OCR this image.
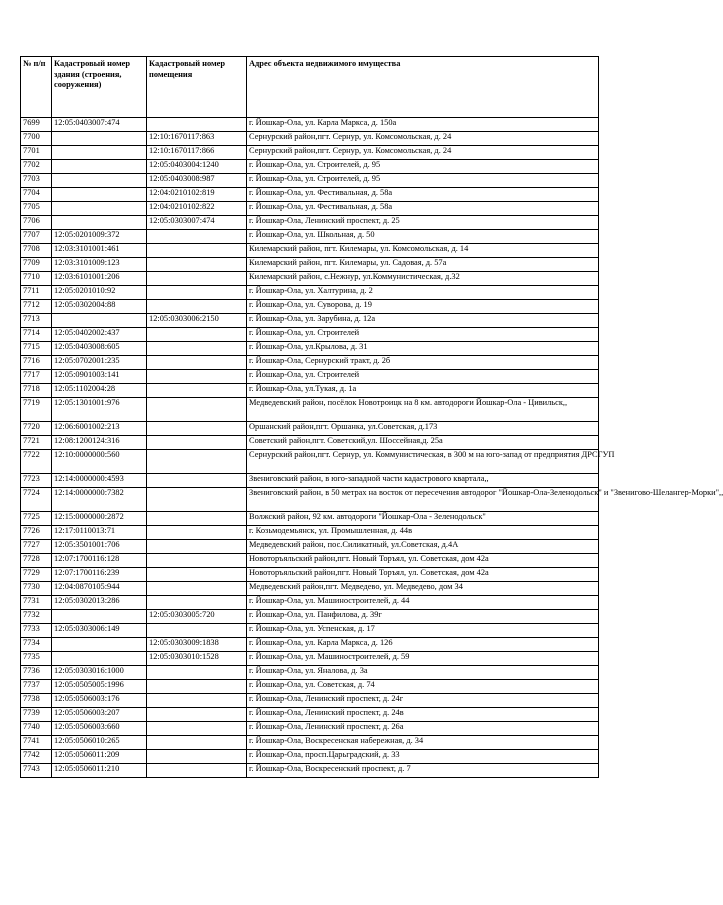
№ п/п	Кадастровый номер здания (строения, сооружения)	Кадастровый номер помещения	Адрес объекта недвижимого имущества
7699	12:05:0403007:474		г. Йошкар-Ола, ул. Карла Маркса, д. 150а
7700		12:10:1670117:863	Сернурский район,пгт. Сернур, ул. Комсомольская, д. 24
7701		12:10:1670117:866	Сернурский район,пгт. Сернур, ул. Комсомольская, д. 24
7702		12:05:0403004:1240	г. Йошкар-Ола, ул. Строителей, д. 95
7703		12:05:0403008:987	г. Йошкар-Ола, ул. Строителей, д. 95
7704		12:04:0210102:819	г. Йошкар-Ола, ул. Фестивальная, д. 58а
7705		12:04:0210102:822	г. Йошкар-Ола, ул. Фестивальная, д. 58а
7706		12:05:0303007:474	г. Йошкар-Ола, Ленинский проспект, д. 25
7707	12:05:0201009:372		г. Йошкар-Ола, ул. Школьная, д. 50
7708	12:03:3101001:461		Килемарский район, пгт. Килемары, ул. Комсомольская, д. 14
7709	12:03:3101009:123		Килемарский район, пгт. Килемары, ул. Садовая, д. 57а
7710	12:03:6101001:206		Килемарский район, с.Нежнур, ул.Коммунистическая, д.32
7711	12:05:0201010:92		г. Йошкар-Ола, ул. Халтурина, д. 2
7712	12:05:0302004:88		г. Йошкар-Ола, ул. Суворова, д. 19
7713		12:05:0303006:2150	г. Йошкар-Ола, ул. Зарубина, д. 12а
7714	12:05:0402002:437		г. Йошкар-Ола, ул. Строителей
7715	12:05:0403008:605		г. Йошкар-Ола, ул.Крылова, д. 31
7716	12:05:0702001:235		г. Йошкар-Ола, Сернурский тракт, д. 2б
7717	12:05:0901003:141		г. Йошкар-Ола, ул. Строителей
7718	12:05:1102004:28		г. Йошкар-Ола, ул.Тукая, д. 1а
7719	12:05:1301001:976		Медведевский район, посёлок Новотроицк на 8 км. автодороги Йошкар-Ола - Цивильск,,
7720	12:06:6001002:213		Оршанский район,пгт. Оршанка, ул.Советская, д.173
7721	12:08:1200124:316		Советский район,пгт. Советский,ул. Шоссейная,д. 25а
7722	12:10:0000000:560		Сернурский район,пгт. Сернур, ул. Коммунистическая, в 300 м на юго-запад от предприятия ДРСГУП
7723	12:14:0000000:4593		Звениговский район, в юго-западной части кадастрового квартала,,
7724	12:14:0000000:7382		Звениговский район, в 50 метрах на восток от пересечения автодорог "Йошкар-Ола-Зеленодольск" и "Звенигово-Шелангер-Морки",,
7725	12:15:0000000:2872		Волжский район, 92 км. автодороги "Йошкар-Ола - Зеленодольск"
7726	12:17:0110013:71		г. Козьмодемьянск, ул. Промышленная, д. 44в
7727	12:05:3501001:706		Медведевский район, пос.Силикатный, ул.Советская, д.4А
7728	12:07:1700116:128		Новоторъяльский район,пгт. Новый Торъял, ул. Советская, дом 42а
7729	12:07:1700116:239		Новоторъяльский район,пгт. Новый Торъял, ул. Советская, дом 42а
7730	12:04:0870105:944		Медведевский район,пгт. Медведево, ул. Медведево, дом 34
7731	12:05:0302013:286		г. Йошкар-Ола, ул. Машиностроителей, д. 44
7732		12:05:0303005:720	г. Йошкар-Ола, ул. Панфилова, д. 39г
7733	12:05:0303006:149		г. Йошкар-Ола, ул. Успенская, д. 17
7734		12:05:0303009:1838	г. Йошкар-Ола, ул. Карла Маркса, д. 126
7735		12:05:0303010:1528	г. Йошкар-Ола, ул. Машиностроителей, д. 59
7736	12:05:0303016:1000		г. Йошкар-Ола, ул. Яналова, д. 3а
7737	12:05:0505005:1996		г. Йошкар-Ола, ул. Советская, д. 74
7738	12:05:0506003:176		г. Йошкар-Ола, Ленинский проспект, д. 24г
7739	12:05:0506003:207		г. Йошкар-Ола, Ленинский проспект, д. 24в
7740	12:05:0506003:660		г. Йошкар-Ола, Ленинский проспект, д. 26а
7741	12:05:0506010:265		г. Йошкар-Ола, Воскресенская набережная, д. 34
7742	12:05:0506011:209		г. Йошкар-Ола, просп.Царьградский, д. 33
7743	12:05:0506011:210		г. Йошкар-Ола, Воскресенский проспект, д. 7
